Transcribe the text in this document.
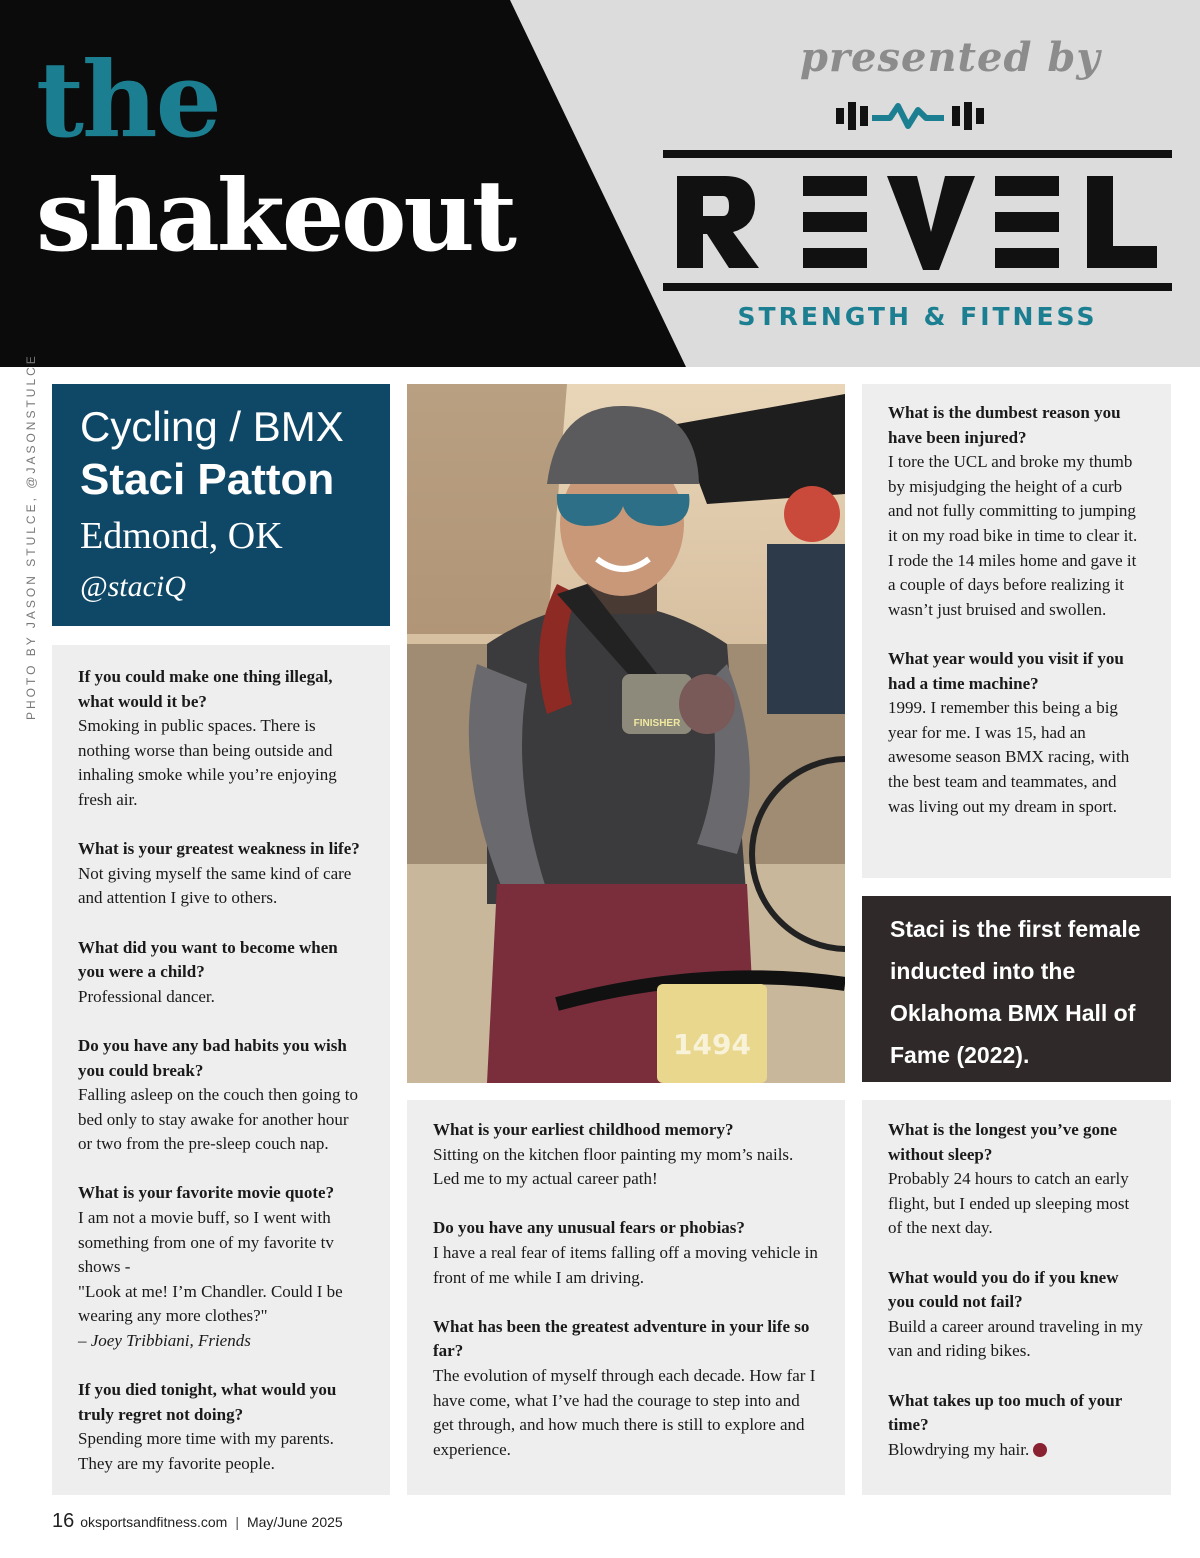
the
shakeout
presented by
STRENGTH & FITNESS
PHOTO BY JASON STULCE, @JASONSTULCE Cycling / BMX
Staci Patton
Edmond, OK
@staciQ
If you could make one thing illegal, what would it be?
Smoking in public spaces. There is nothing worse than being outside and inhaling smoke while you’re enjoying fresh air.
What is your greatest weakness in life?
Not giving myself the same kind of care and attention I give to others.
What did you want to become when you were a child?
Professional dancer.
Do you have any bad habits you wish you could break?
Falling asleep on the couch then going to bed only to stay awake for another hour or two from the pre-sleep couch nap.
What is your favorite movie quote?
I am not a movie buff, so I went with something from one of my favorite tv shows -
"Look at me! I’m Chandler. Could I be wearing any more clothes?"
– Joey Tribbiani, Friends
If you died tonight, what would you truly regret not doing?
Spending more time with my parents. They are my favorite people.
FINISHER
1494
What is your earliest childhood memory?
Sitting on the kitchen floor painting my mom’s nails. Led me to my actual career path!
Do you have any unusual fears or phobias?
I have a real fear of items falling off a moving vehicle in front of me while I am driving.
What has been the greatest adventure in your life so far?
The evolution of myself through each decade. How far I have come, what I’ve had the courage to step into and get through, and how much there is still to explore and experience.
What is the dumbest reason you have been injured?
I tore the UCL and broke my thumb by misjudging the height of a curb and not fully committing to jumping it on my road bike in time to clear it. I rode the 14 miles home and gave it a couple of days before realizing it wasn’t just bruised and swollen.
What year would you visit if you had a time machine?
1999. I remember this being a big year for me. I was 15, had an awesome season BMX racing, with the best team and teammates, and was living out my dream in sport.
Staci is the first female inducted into the Oklahoma BMX Hall of Fame (2022).
What is the longest you’ve gone without sleep?
Probably 24 hours to catch an early flight, but I ended up sleeping most of the next day.
What would you do if you knew you could not fail?
Build a career around traveling in my van and riding bikes.
What takes up too much of your time?
Blowdrying my hair.
16 oksportsandfitness.com | May/June 2025
